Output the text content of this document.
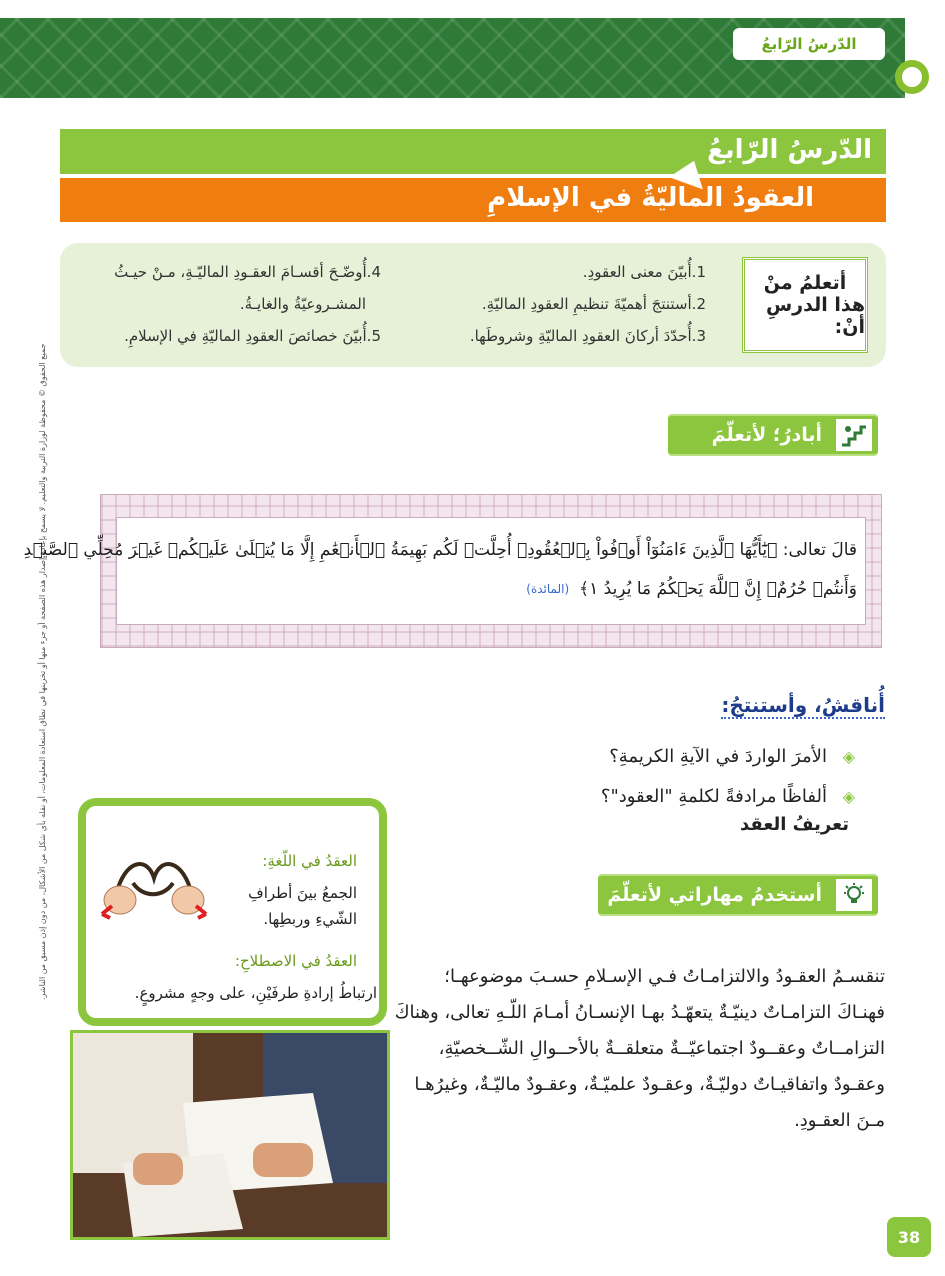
الدّرسُ الرّابعُ
جميع الحقوق © محفوظة لوزارة التربية والتعليم. لا يسمح بإعادة إصدار هذه الصفحة أو جزء منها أو تخزينها في نطاق استعادة المعلومات، أو نقله بأي شكل من الأشكال، من دون إذن مسبق من الناشر.
الدّرسُ الرّابعُ
العقودُ الماليّةُ في الإسلامِ
أتعلمُ منْ
هذا الدرسِ أنْ:
1.أُبيّنَ معنى العقودِ.
2.أستنتجَ أهميّةَ تنظيمِ العقودِ الماليّةِ.
3.أُحدّدَ أركانَ العقودِ الماليّةِ وشروطَها.
4.أُوضّـحَ أقسـامَ العقـودِ الماليّـةِ، مـنْ حيـثُ
المشـروعيّةُ والغايـةُ.
5.أُبيّنَ خصائصَ العقودِ الماليّةِ في الإسلامِ.
أبادرُ؛ لأتعلّمَ
قالَ تعالى: ﴿يَٰٓأَيُّهَا ٱلَّذِينَ ءَامَنُوٓاْ أَوۡفُواْ بِٱلۡعُقُودِۚ أُحِلَّتۡ لَكُم بَهِيمَةُ ٱلۡأَنۡعَٰمِ إِلَّا مَا يُتۡلَىٰ عَلَيۡكُمۡ غَيۡرَ مُحِلِّي ٱلصَّيۡدِ
وَأَنتُمۡ حُرُمٌۗ إِنَّ ٱللَّهَ يَحۡكُمُ مَا يُرِيدُ ١﴾
(المائدة)
أُناقشُ، وأستنتجُ:
◈ الأمرَ الواردَ في الآيةِ الكريمةِ؟
◈ ألفاظًا مرادفةً لكلمةِ "العقود"؟
تعريفُ العقد
العقدُ في اللّغةِ:
الجمعُ بينَ أطرافِ
الشّيءِ وربطِها.
العقدُ في الاصطلاحِ:
ارتباطُ إرادةِ طرفَيْنِ، على وجهٍ مشروعٍ.
أستخدمُ مهاراتي لأتعلّمَ
تنقسـمُ العقـودُ والالتزامـاتُ فـي الإسـلامِ حسـبَ موضوعهـا؛
فهنـاكَ التزامـاتٌ دينيّـةٌ يتعهّـدُ بهـا الإنسـانُ أمـامَ اللّـهِ تعالى، وهناكَ
التزامــاتٌ وعقــودٌ اجتماعيّــةٌ متعلقــةٌ بالأحــوالِ الشّــخصيّةِ،
وعقـودٌ واتفاقيـاتٌ دوليّـةٌ، وعقـودٌ علميّـةٌ، وعقـودٌ ماليّـةٌ، وغيرُهـا
مـنَ العقـودِ.
38
